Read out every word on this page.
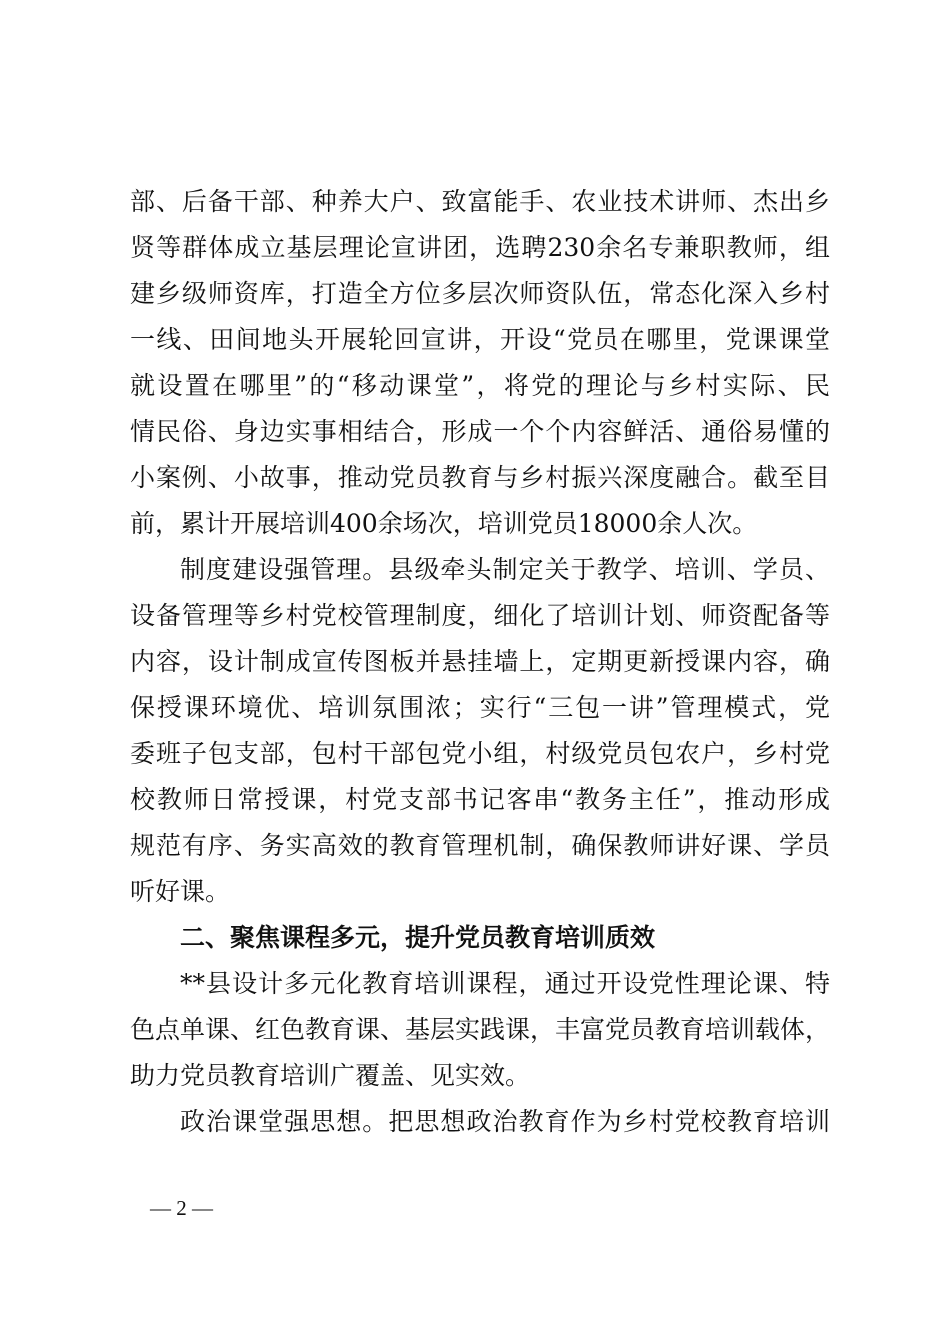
部、后备干部、种养大户、致富能手、农业技术讲师、杰出乡
贤等群体成立基层理论宣讲团，选聘230余名专兼职教师，组
建乡级师资库，打造全方位多层次师资队伍，常态化深入乡村
一线、田间地头开展轮回宣讲，开设“党员在哪里，党课课堂
就设置在哪里”的“移动课堂”，将党的理论与乡村实际、民
情民俗、身边实事相结合，形成一个个内容鲜活、通俗易懂的
小案例、小故事，推动党员教育与乡村振兴深度融合。截至目
前，累计开展培训400余场次，培训党员18000余人次。
制度建设强管理。县级牵头制定关于教学、培训、学员、
设备管理等乡村党校管理制度，细化了培训计划、师资配备等
内容，设计制成宣传图板并悬挂墙上，定期更新授课内容，确
保授课环境优、培训氛围浓；实行“三包一讲”管理模式，党
委班子包支部，包村干部包党小组，村级党员包农户，乡村党
校教师日常授课，村党支部书记客串“教务主任”，推动形成
规范有序、务实高效的教育管理机制，确保教师讲好课、学员
听好课。
二、聚焦课程多元，提升党员教育培训质效
**县设计多元化教育培训课程，通过开设党性理论课、特
色点单课、红色教育课、基层实践课，丰富党员教育培训载体，
助力党员教育培训广覆盖、见实效。
政治课堂强思想。把思想政治教育作为乡村党校教育培训
— 2 —
